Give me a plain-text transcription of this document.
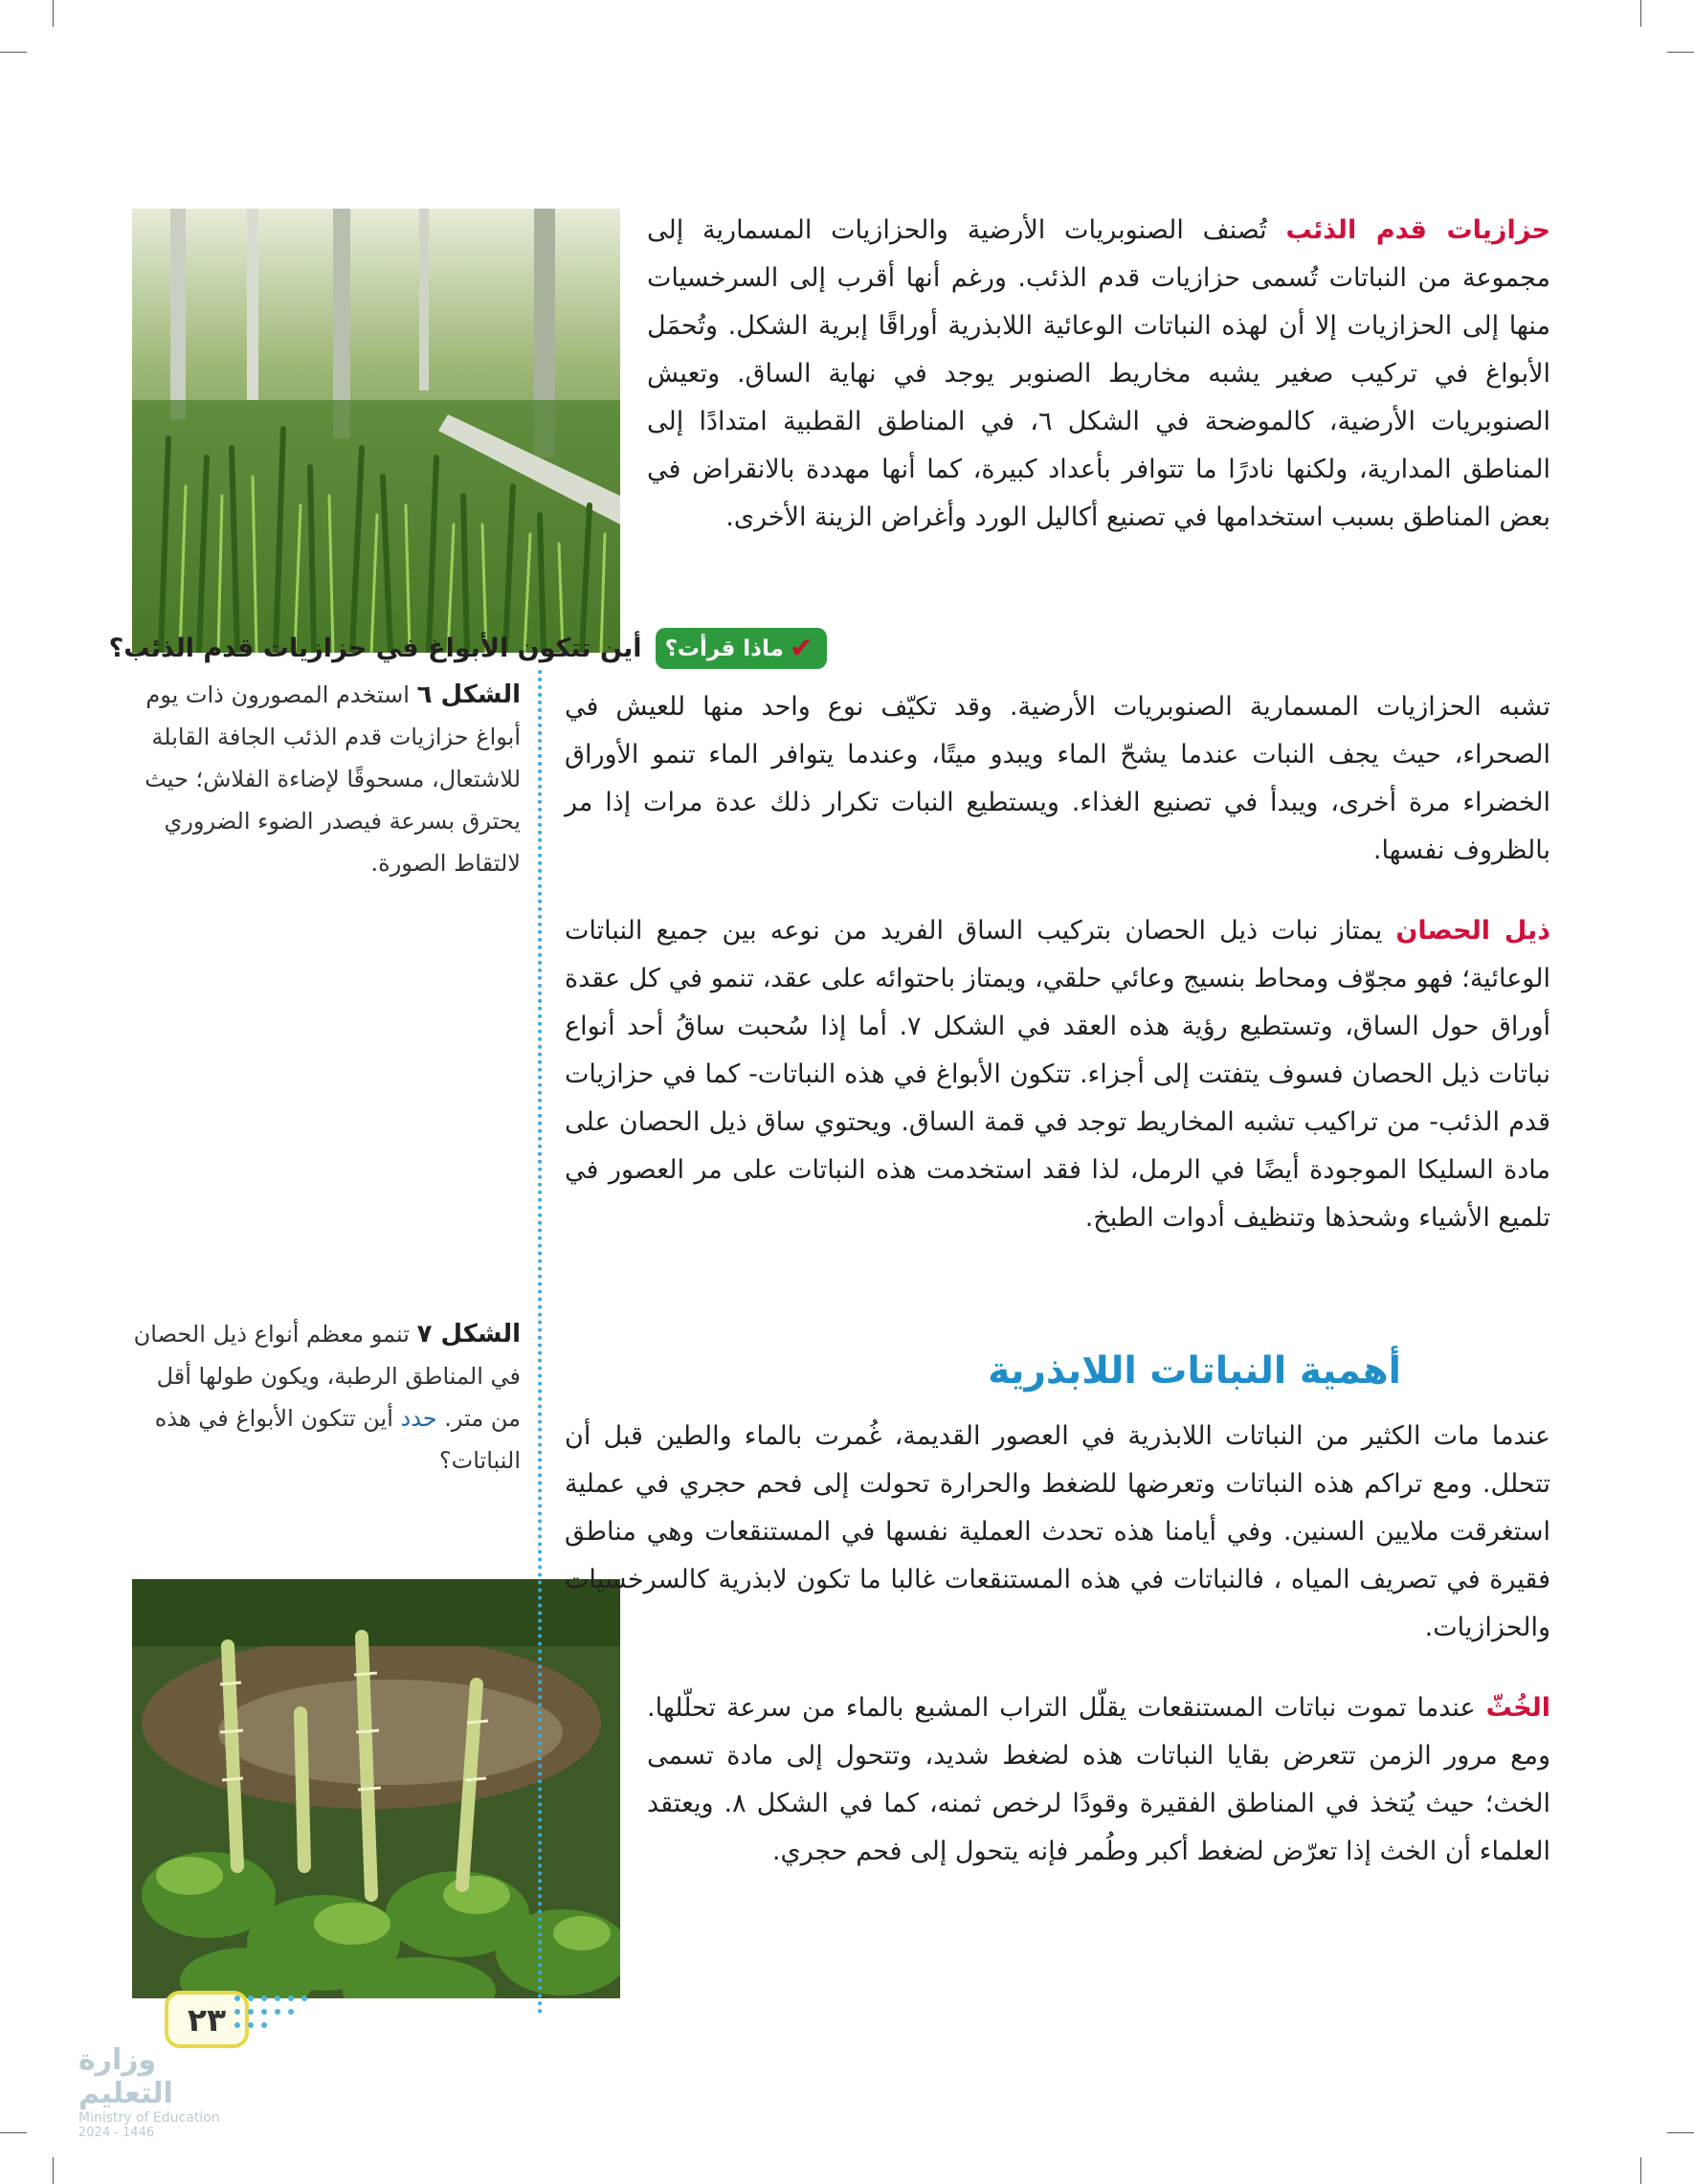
حزازيات قدم الذئب تُصنف الصنوبريات الأرضية والحزازيات المسمارية إلى مجموعة من النباتات تُسمى حزازيات قدم الذئب. ورغم أنها أقرب إلى السرخسيات منها إلى الحزازيات إلا أن لهذه النباتات الوعائية اللابذرية أوراقًا إبرية الشكل. وتُحمَل الأبواغ في تركيب صغير يشبه مخاريط الصنوبر يوجد في نهاية الساق. وتعيش الصنوبريات الأرضية، كالموضحة في الشكل ٦، في المناطق القطبية امتدادًا إلى المناطق المدارية، ولكنها نادرًا ما تتوافر بأعداد كبيرة، كما أنها مهددة بالانقراض في بعض المناطق بسبب استخدامها في تصنيع أكاليل الورد وأغراض الزينة الأخرى.
✔
ماذا قرأت؟
أين تتكون الأبواغ في حزازيات قدم الذئب؟
تشبه الحزازيات المسمارية الصنوبريات الأرضية. وقد تكيّف نوع واحد منها للعيش في الصحراء، حيث يجف النبات عندما يشحّ الماء ويبدو ميتًا، وعندما يتوافر الماء تنمو الأوراق الخضراء مرة أخرى، ويبدأ في تصنيع الغذاء. ويستطيع النبات تكرار ذلك عدة مرات إذا مر بالظروف نفسها.
ذيل الحصان يمتاز نبات ذيل الحصان بتركيب الساق الفريد من نوعه بين جميع النباتات الوعائية؛ فهو مجوّف ومحاط بنسيج وعائي حلقي، ويمتاز باحتوائه على عقد، تنمو في كل عقدة أوراق حول الساق، وتستطيع رؤية هذه العقد في الشكل ٧. أما إذا سُحبت ساقُ أحد أنواع نباتات ذيل الحصان فسوف يتفتت إلى أجزاء. تتكون الأبواغ في هذه النباتات- كما في حزازيات قدم الذئب- من تراكيب تشبه المخاريط توجد في قمة الساق. ويحتوي ساق ذيل الحصان على مادة السليكا الموجودة أيضًا في الرمل، لذا فقد استخدمت هذه النباتات على مر العصور في تلميع الأشياء وشحذها وتنظيف أدوات الطبخ.
أهمية النباتات اللابذرية
عندما مات الكثير من النباتات اللابذرية في العصور القديمة، غُمرت بالماء والطين قبل أن تتحلل. ومع تراكم هذه النباتات وتعرضها للضغط والحرارة تحولت إلى فحم حجري في عملية استغرقت ملايين السنين. وفي أيامنا هذه تحدث العملية نفسها في المستنقعات وهي مناطق فقيرة في تصريف المياه ، فالنباتات في هذه المستنقعات غالبا ما تكون لابذرية كالسرخسيات والحزازيات.
الخُثّ عندما تموت نباتات المستنقعات يقلّل التراب المشبع بالماء من سرعة تحلّلها. ومع مرور الزمن تتعرض بقايا النباتات هذه لضغط شديد، وتتحول إلى مادة تسمى الخث؛ حيث يُتخذ في المناطق الفقيرة وقودًا لرخص ثمنه، كما في الشكل ٨. ويعتقد العلماء أن الخث إذا تعرّض لضغط أكبر وطُمر فإنه يتحول إلى فحم حجري.
الشكل ٦ استخدم المصورون ذات يوم أبواغ حزازيات قدم الذئب الجافة القابلة للاشتعال، مسحوقًا لإضاءة الفلاش؛ حيث يحترق بسرعة فيصدر الضوء الضروري لالتقاط الصورة.
الشكل ٧ تنمو معظم أنواع ذيل الحصان في المناطق الرطبة، ويكون طولها أقل من متر. حدد أين تتكون الأبواغ في هذه النباتات؟
٢٣
وزارة التعليم
Ministry of Education
2024 - 1446
